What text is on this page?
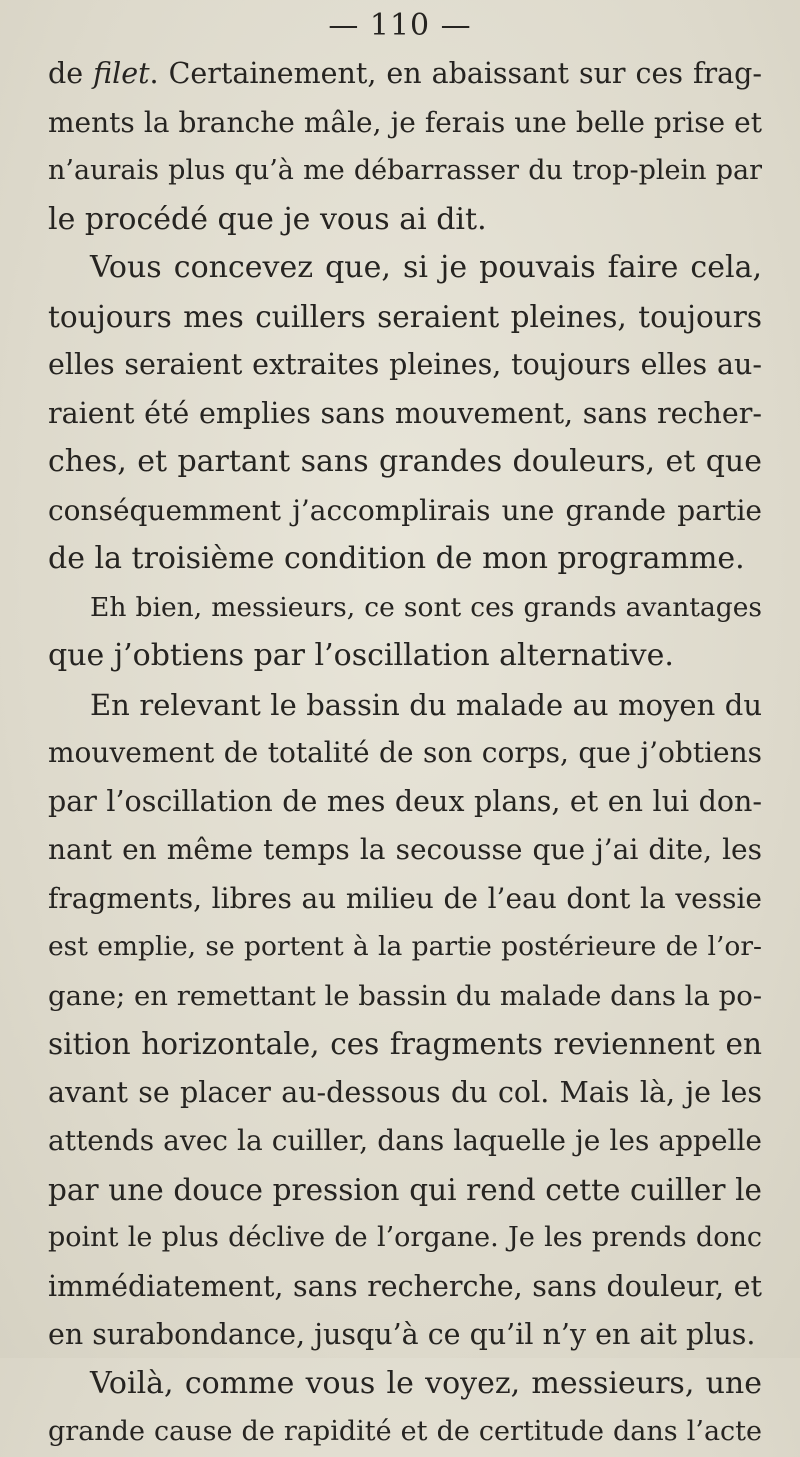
— 110 —
de filet. Certainement, en abaissant sur ces frag-
ments la branche mâle, je ferais une belle prise et
n’aurais plus qu’à me débarrasser du trop-plein par
le procédé que je vous ai dit.
Vous concevez que, si je pouvais faire cela,
toujours mes cuillers seraient pleines, toujours
elles seraient extraites pleines, toujours elles au-
raient été emplies sans mouvement, sans recher-
ches, et partant sans grandes douleurs, et que
conséquemment j’accomplirais une grande partie
de la troisième condition de mon programme.
Eh bien, messieurs, ce sont ces grands avantages
que j’obtiens par l’oscillation alternative.
En relevant le bassin du malade au moyen du
mouvement de totalité de son corps, que j’obtiens
par l’oscillation de mes deux plans, et en lui don-
nant en même temps la secousse que j’ai dite, les
fragments, libres au milieu de l’eau dont la vessie
est emplie, se portent à la partie postérieure de l’or-
gane; en remettant le bassin du malade dans la po-
sition horizontale, ces fragments reviennent en
avant se placer au-dessous du col. Mais là, je les
attends avec la cuiller, dans laquelle je les appelle
par une douce pression qui rend cette cuiller le
point le plus déclive de l’organe. Je les prends donc
immédiatement, sans recherche, sans douleur, et
en surabondance, jusqu’à ce qu’il n’y en ait plus.
Voilà, comme vous le voyez, messieurs, une
grande cause de rapidité et de certitude dans l’acte
